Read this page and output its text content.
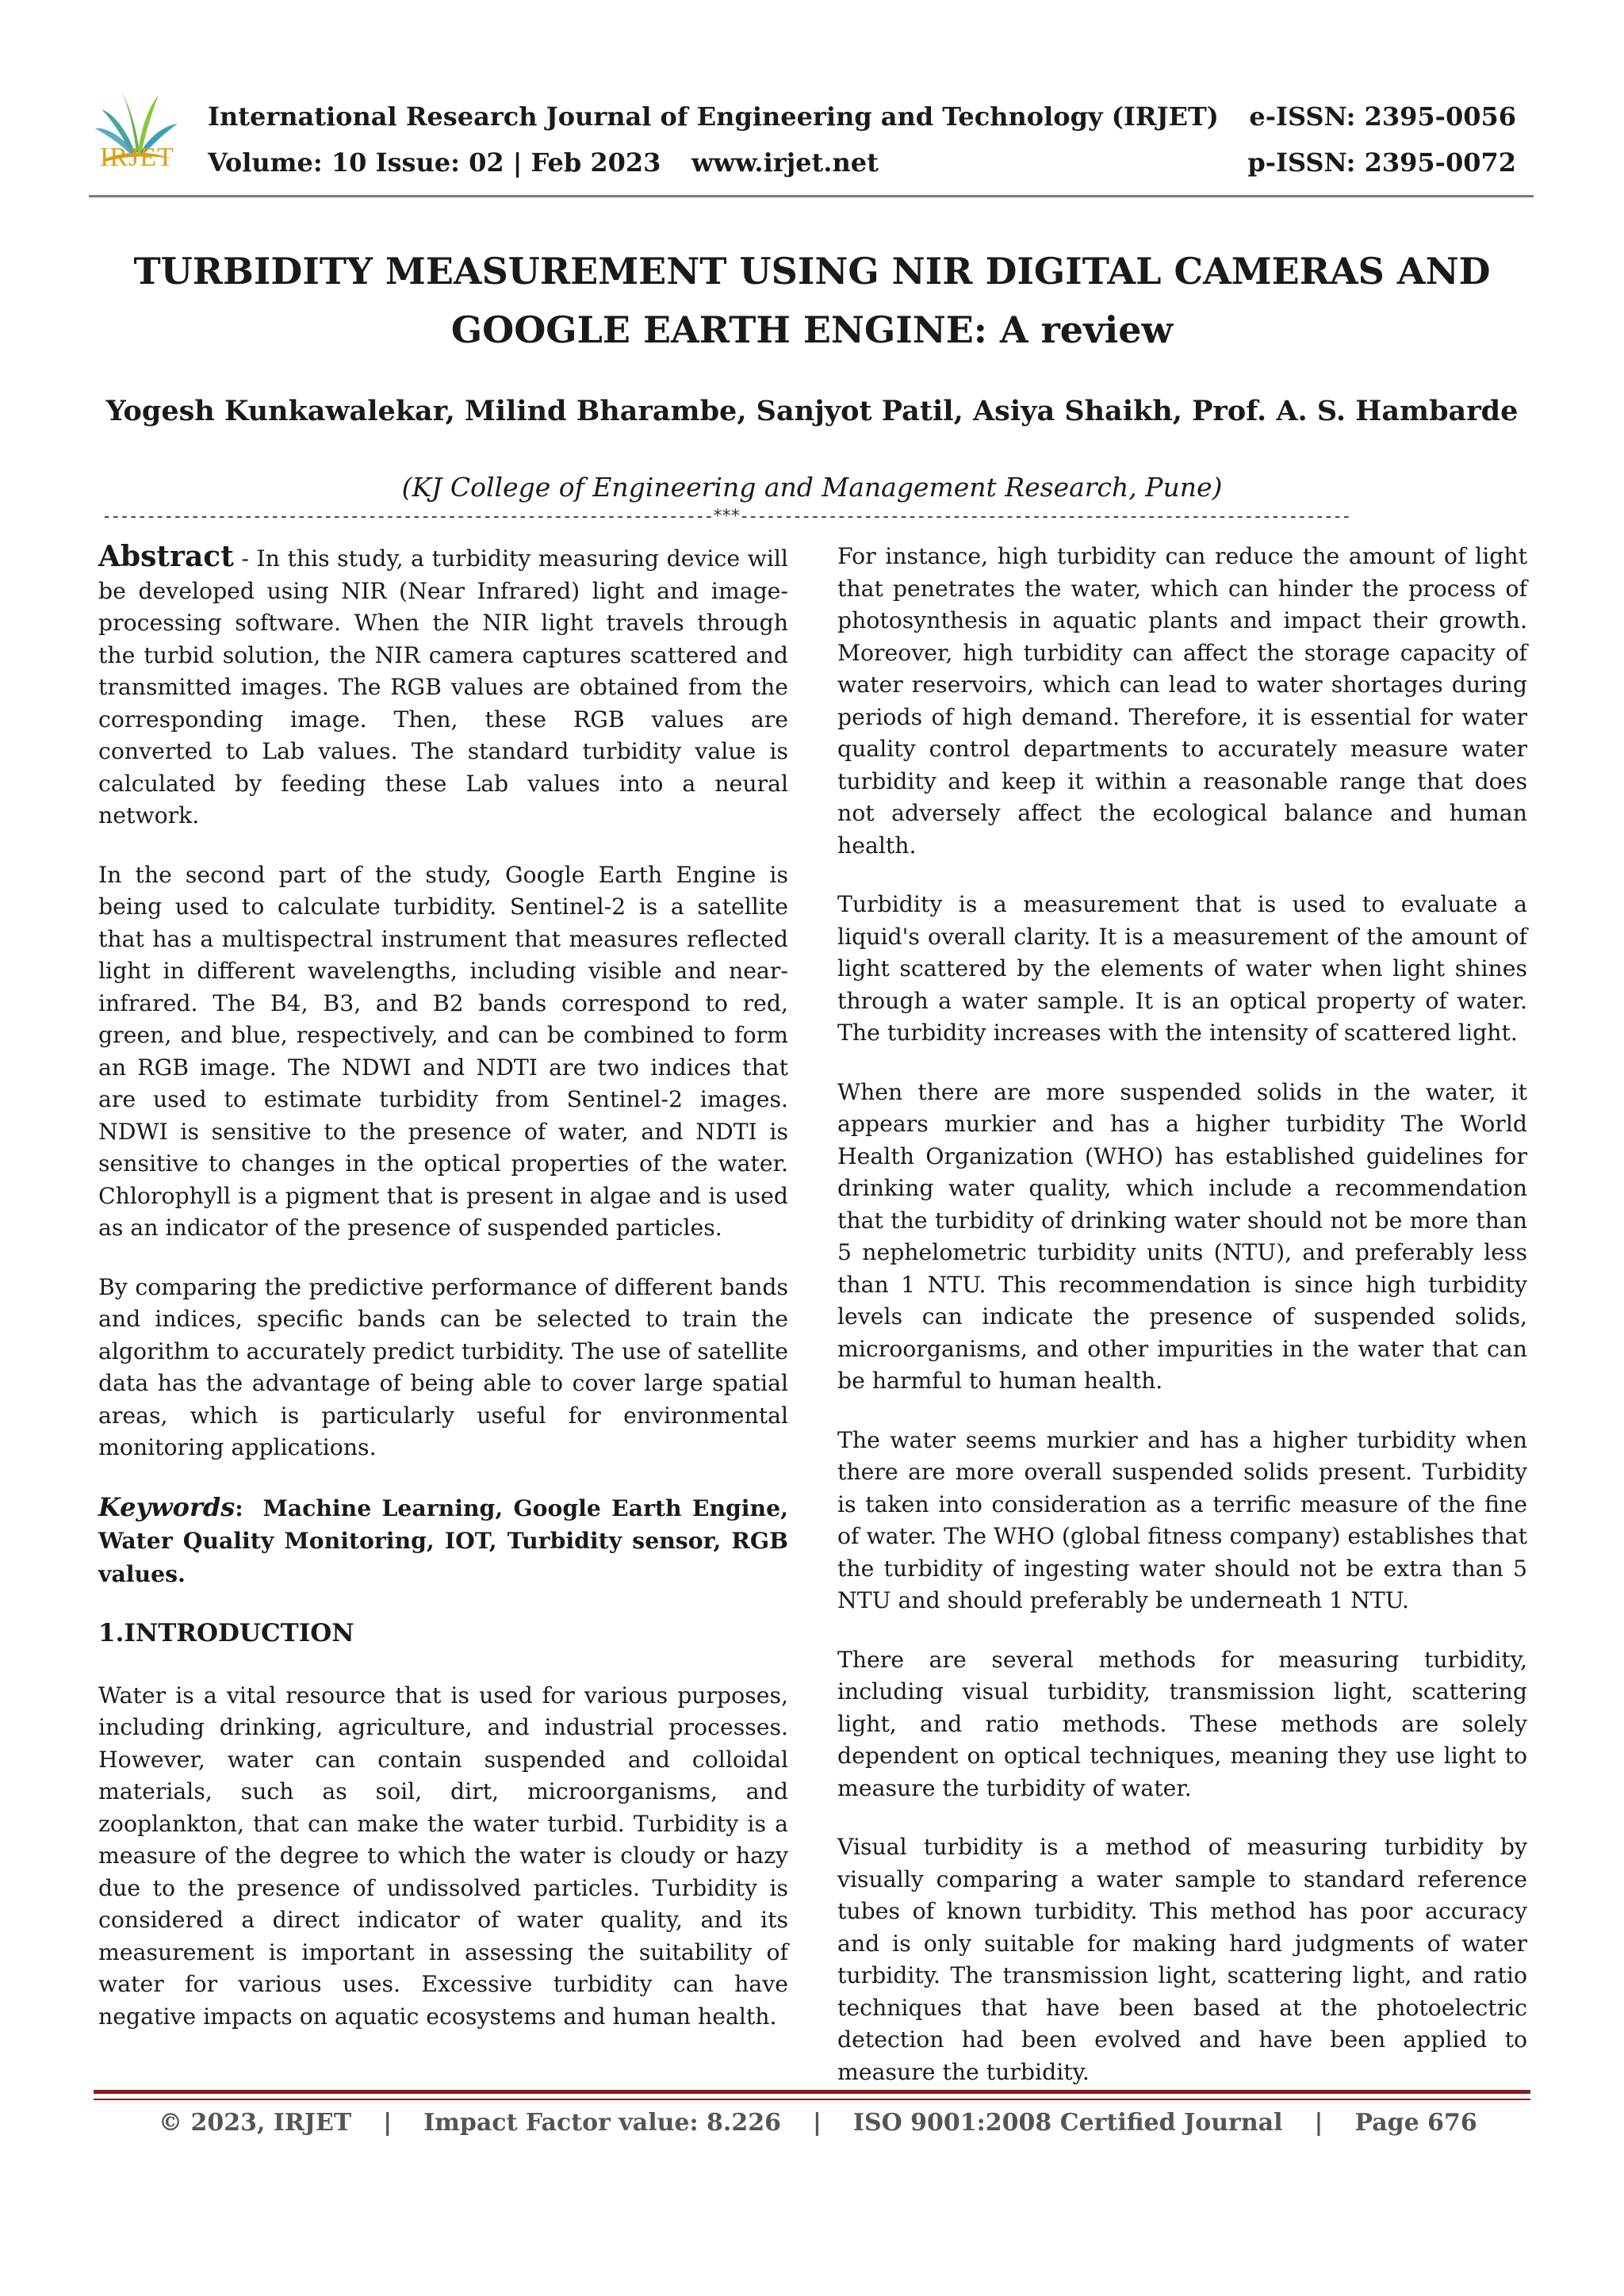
IRJET
International Research Journal of Engineering and Technology (IRJET) e-ISSN: 2395-0056
Volume: 10 Issue: 02 | Feb 2023	www.irjet.net	p-ISSN: 2395-0072
TURBIDITY MEASUREMENT USING NIR DIGITAL CAMERAS AND
GOOGLE EARTH ENGINE: A review
Yogesh Kunkawalekar, Milind Bharambe, Sanjyot Patil, Asiya Shaikh, Prof. A. S. Hambarde
(KJ College of Engineering and Management Research, Pune)
---------------------------------------------------------------------***---------------------------------------------------------------------

Abstract - In this study, a turbidity measuring device will be developed using NIR (Near Infrared) light and image-processing software. When the NIR light travels through the turbid solution, the NIR camera captures scattered and transmitted images. The RGB values are obtained from the corresponding image. Then, these RGB values are converted to Lab values. The standard turbidity value is calculated by feeding these Lab values into a neural network.

In the second part of the study, Google Earth Engine is being used to calculate turbidity. Sentinel-2 is a satellite that has a multispectral instrument that measures reflected light in different wavelengths, including visible and near-infrared. The B4, B3, and B2 bands correspond to red, green, and blue, respectively, and can be combined to form an RGB image. The NDWI and NDTI are two indices that are used to estimate turbidity from Sentinel-2 images. NDWI is sensitive to the presence of water, and NDTI is sensitive to changes in the optical properties of the water. Chlorophyll is a pigment that is present in algae and is used as an indicator of the presence of suspended particles.

By comparing the predictive performance of different bands and indices, specific bands can be selected to train the algorithm to accurately predict turbidity. The use of satellite data has the advantage of being able to cover large spatial areas, which is particularly useful for environmental monitoring applications.

Keywords: Machine Learning, Google Earth Engine, Water Quality Monitoring, IOT, Turbidity sensor, RGB values.

1.INTRODUCTION

Water is a vital resource that is used for various purposes, including drinking, agriculture, and industrial processes. However, water can contain suspended and colloidal materials, such as soil, dirt, microorganisms, and zooplankton, that can make the water turbid. Turbidity is a measure of the degree to which the water is cloudy or hazy due to the presence of undissolved particles. Turbidity is considered a direct indicator of water quality, and its measurement is important in assessing the suitability of water for various uses. Excessive turbidity can have negative impacts on aquatic ecosystems and human health.

For instance, high turbidity can reduce the amount of light that penetrates the water, which can hinder the process of photosynthesis in aquatic plants and impact their growth. Moreover, high turbidity can affect the storage capacity of water reservoirs, which can lead to water shortages during periods of high demand. Therefore, it is essential for water quality control departments to accurately measure water turbidity and keep it within a reasonable range that does not adversely affect the ecological balance and human health.

Turbidity is a measurement that is used to evaluate a liquid's overall clarity. It is a measurement of the amount of light scattered by the elements of water when light shines through a water sample. It is an optical property of water. The turbidity increases with the intensity of scattered light.

When there are more suspended solids in the water, it appears murkier and has a higher turbidity The World Health Organization (WHO) has established guidelines for drinking water quality, which include a recommendation that the turbidity of drinking water should not be more than 5 nephelometric turbidity units (NTU), and preferably less than 1 NTU. This recommendation is since high turbidity levels can indicate the presence of suspended solids, microorganisms, and other impurities in the water that can be harmful to human health.

The water seems murkier and has a higher turbidity when there are more overall suspended solids present. Turbidity is taken into consideration as a terrific measure of the fine of water. The WHO (global fitness company) establishes that the turbidity of ingesting water should not be extra than 5 NTU and should preferably be underneath 1 NTU.

There are several methods for measuring turbidity, including visual turbidity, transmission light, scattering light, and ratio methods. These methods are solely dependent on optical techniques, meaning they use light to measure the turbidity of water.

Visual turbidity is a method of measuring turbidity by visually comparing a water sample to standard reference tubes of known turbidity. This method has poor accuracy and is only suitable for making hard judgments of water turbidity. The transmission light, scattering light, and ratio techniques that have been based at the photoelectric detection had been evolved and have been applied to measure the turbidity.

© 2023, IRJET | Impact Factor value: 8.226 | ISO 9001:2008 Certified Journal | Page 676
